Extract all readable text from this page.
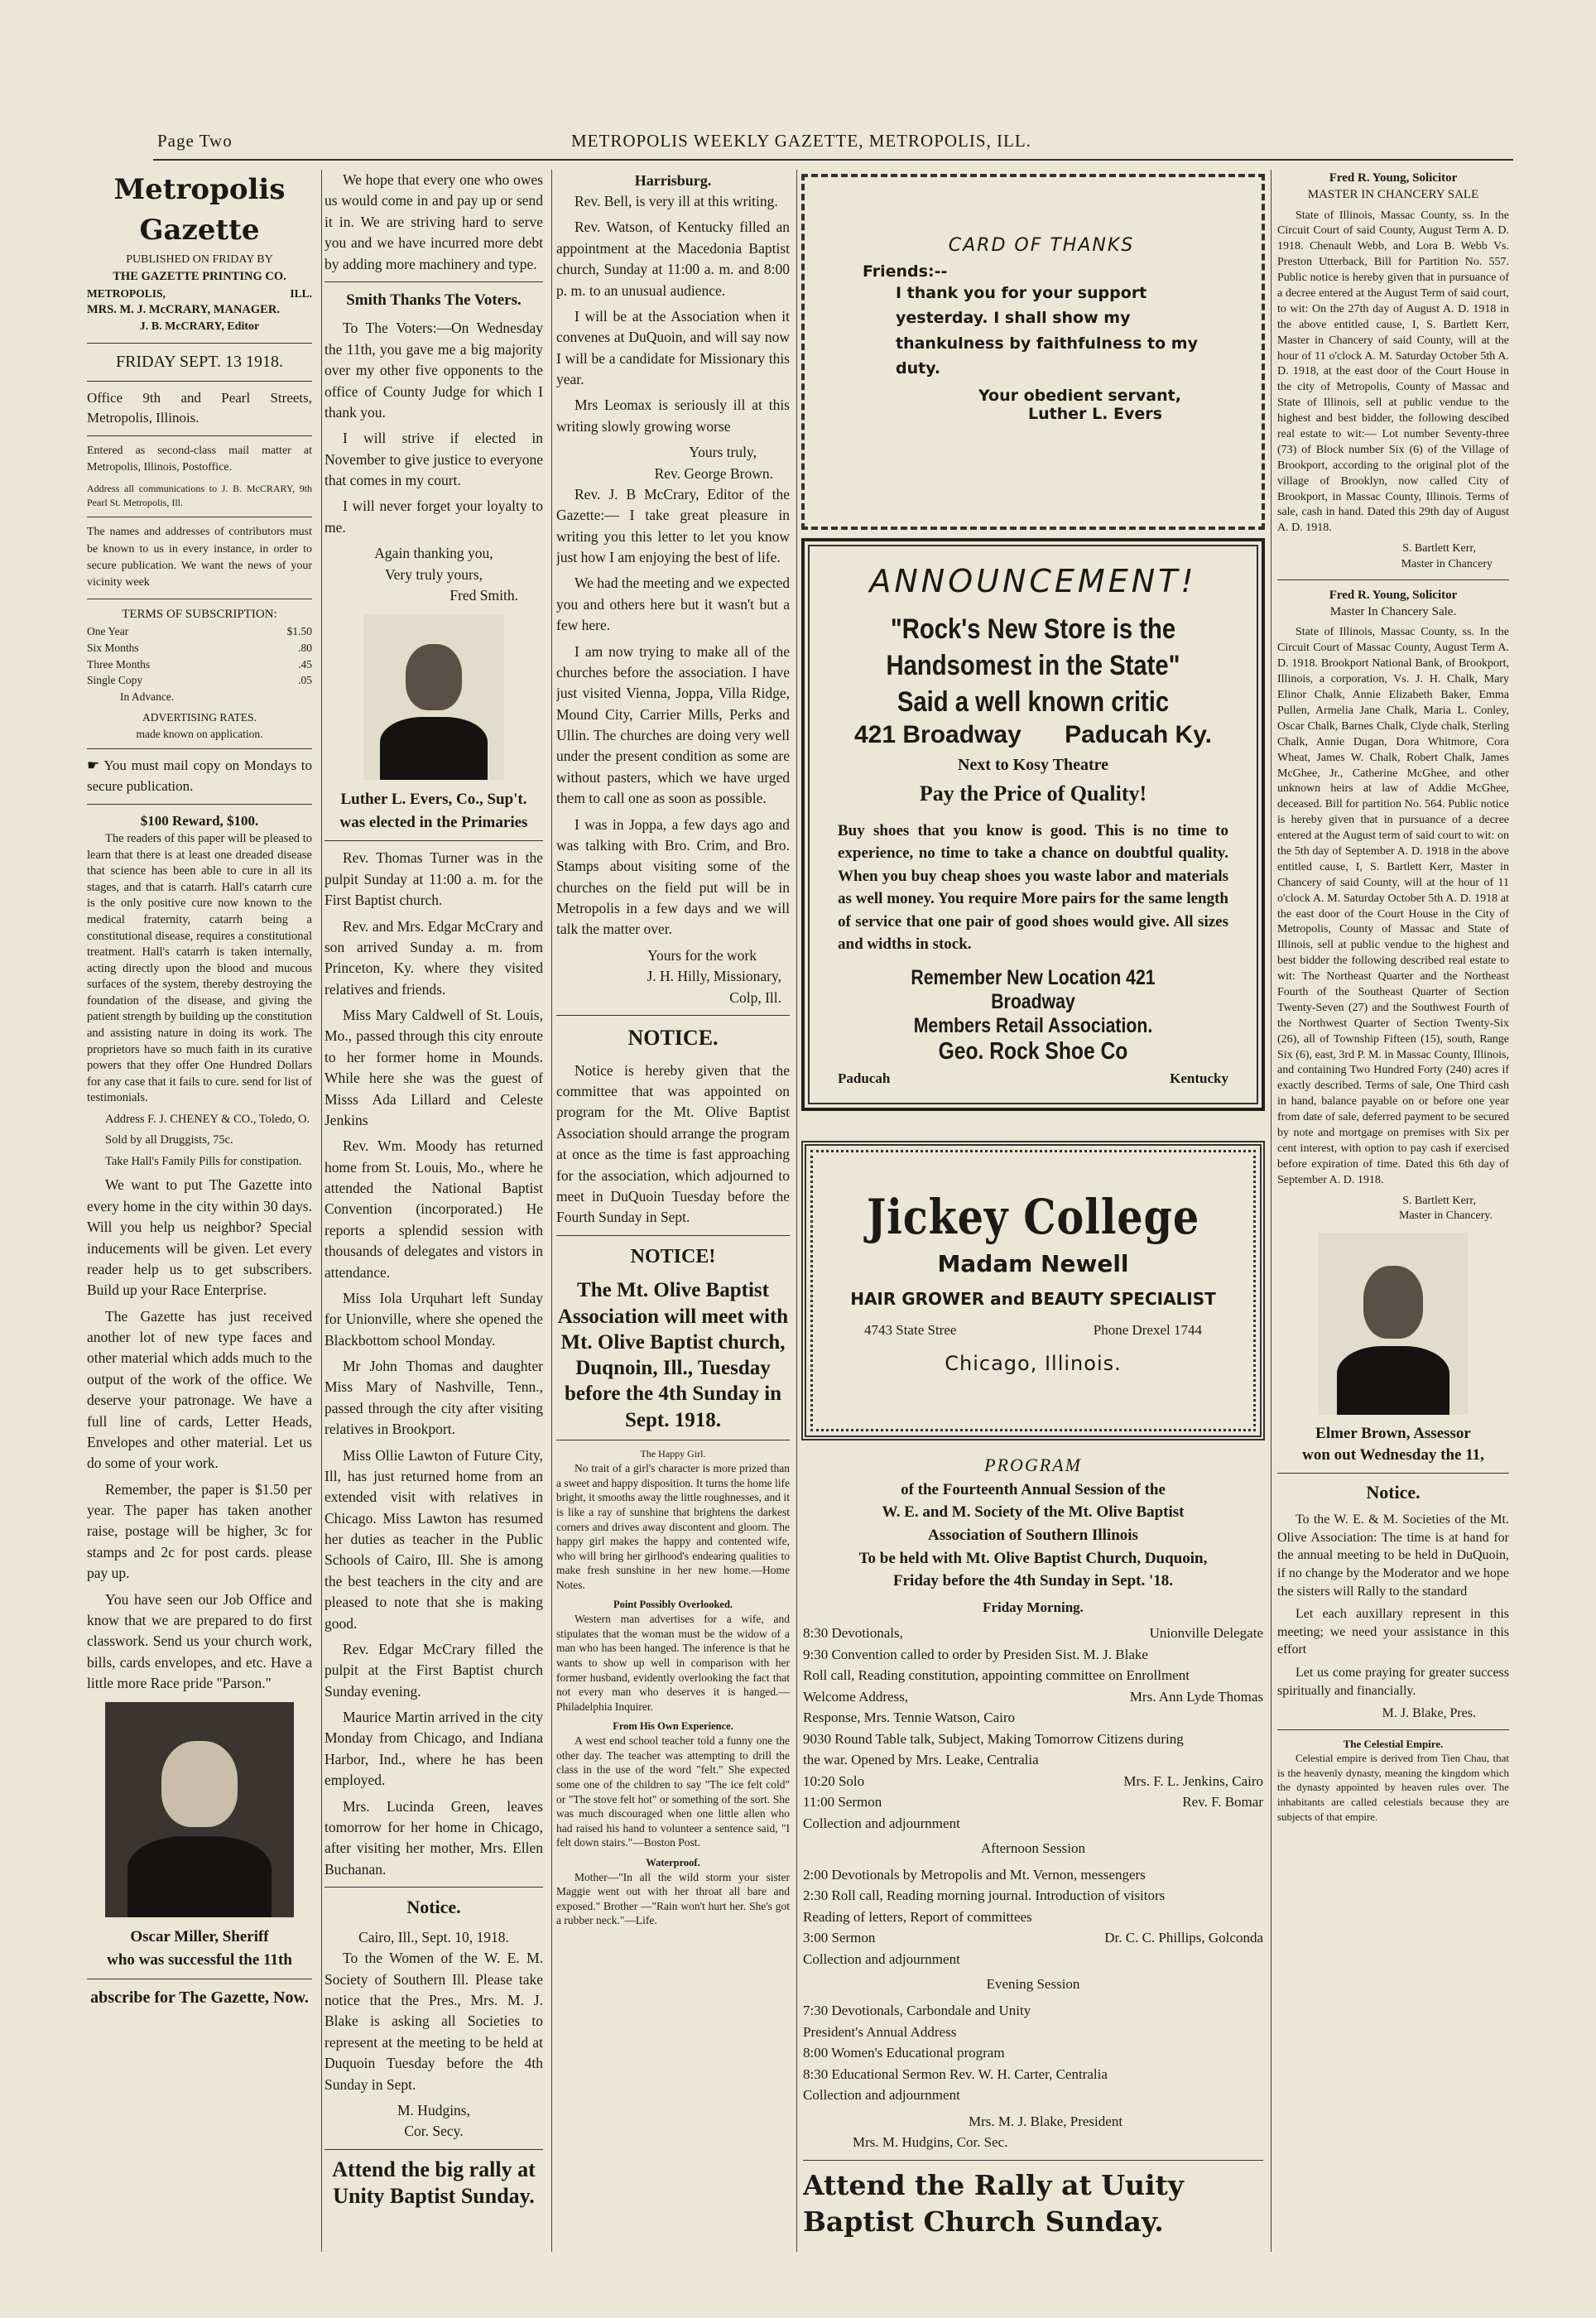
Page Two	METROPOLIS WEEKLY GAZETTE, METROPOLIS, ILL.
Metropolis Gazette
PUBLISHED ON FRIDAY BY
THE GAZETTE PRINTING CO.
METROPOLIS,	ILL.
MRS. M. J. McCRARY, MANAGER.
J. B. McCRARY, Editor
FRIDAY SEPT. 13 1918.
Office 9th and Pearl Streets, Metropolis, Illinois.
Entered as second-class mail matter at Metropolis, Illinois, Postoffice.
Address all communications to J. B. McCRARY, 9th Pearl St. Metropolis, Ill.
The names and addresses of contributors must be known to us in every instance, in order to secure publication. We want the news of your vicinity week
TERMS OF SUBSCRIPTION:
One Year	$1.50
Six Months	.80
Three Months	.45
Single Copy	.05
In Advance.
ADVERTISING RATES.
made known on application.
☛ You must mail copy on Mondays to secure publication.
$100 Reward, $100.

The readers of this paper will be pleased to learn that there is at least one dreaded disease that science has been able to cure in all its stages, and that is catarrh. Hall's catarrh cure is the only positive cure now known to the medical fraternity, catarrh being a constitutional disease, requires a constitutional treatment. Hall's catarrh is taken internally, acting directly upon the blood and mucous surfaces of the system, thereby destroying the foundation of the disease, and giving the patient strength by building up the constitution and assisting nature in doing its work. The proprietors have so much faith in its curative powers that they offer One Hundred Dollars for any case that it fails to cure. send for list of testimonials.

Address F. J. CHENEY & CO., Toledo, O.

Sold by all Druggists, 75c.

Take Hall's Family Pills for constipation.

We want to put The Gazette into every home in the city within 30 days. Will you help us neighbor? Special inducements will be given. Let every reader help us to get subscribers. Build up your Race Enterprise.

The Gazette has just received another lot of new type faces and other material which adds much to the output of the work of the office. We deserve your patronage. We have a full line of cards, Letter Heads, Envelopes and other material. Let us do some of your work.

Remember, the paper is $1.50 per year. The paper has taken another raise, postage will be higher, 3c for stamps and 2c for post cards. please pay up.

You have seen our Job Office and know that we are prepared to do first classwork. Send us your church work, bills, cards envelopes, and etc. Have a little more Race pride "Parson."

Oscar Miller, Sheriff
who was successful the 11th
abscribe for The Gazette, Now.

We hope that every one who owes us would come in and pay up or send it in. We are striving hard to serve you and we have incurred more debt by adding more machinery and type.

Smith Thanks The Voters.

To The Voters:—On Wednesday the 11th, you gave me a big majority over my other five opponents to the office of County Judge for which I thank you.

I will strive if elected in November to give justice to everyone that comes in my court.

I will never forget your loyalty to me.

Again thanking you,
Very truly yours,
Fred Smith.
Luther L. Evers, Co., Sup't.
was elected in the Primaries

Rev. Thomas Turner was in the pulpit Sunday at 11:00 a. m. for the First Baptist church.

Rev. and Mrs. Edgar McCrary and son arrived Sunday a. m. from Princeton, Ky. where they visited relatives and friends.

Miss Mary Caldwell of St. Louis, Mo., passed through this city enroute to her former home in Mounds. While here she was the guest of Misss Ada Lillard and Celeste Jenkins

Rev. Wm. Moody has returned home from St. Louis, Mo., where he attended the National Baptist Convention (incorporated.) He reports a splendid session with thousands of delegates and vistors in attendance.

Miss Iola Urquhart left Sunday for Unionville, where she opened the Blackbottom school Monday.

Mr John Thomas and daughter Miss Mary of Nashville, Tenn., passed through the city after visiting relatives in Brookport.

Miss Ollie Lawton of Future City, Ill, has just returned home from an extended visit with relatives in Chicago. Miss Lawton has resumed her duties as teacher in the Public Schools of Cairo, Ill. She is among the best teachers in the city and are pleased to note that she is making good.

Rev. Edgar McCrary filled the pulpit at the First Baptist church Sunday evening.

Maurice Martin arrived in the city Monday from Chicago, and Indiana Harbor, Ind., where he has been employed.

Mrs. Lucinda Green, leaves tomorrow for her home in Chicago, after visiting her mother, Mrs. Ellen Buchanan.

Notice.
Cairo, Ill., Sept. 10, 1918.

To the Women of the W. E. M. Society of Southern Ill. Please take notice that the Pres., Mrs. M. J. Blake is asking all Societies to represent at the meeting to be held at Duquoin Tuesday before the 4th Sunday in Sept.

M. Hudgins,
Cor. Secy.
Attend the big rally at Unity Baptist Sunday.
Harrisburg.

Rev. Bell, is very ill at this writing.

Rev. Watson, of Kentucky filled an appointment at the Macedonia Baptist church, Sunday at 11:00 a. m. and 8:00 p. m. to an unusual audience.

I will be at the Association when it convenes at DuQuoin, and will say now I will be a candidate for Missionary this year.

Mrs Leomax is seriously ill at this writing slowly growing worse

Yours truly,
Rev. George Brown.

Rev. J. B McCrary, Editor of the Gazette:— I take great pleasure in writing you this letter to let you know just how I am enjoying the best of life.

We had the meeting and we expected you and others here but it wasn't but a few here.

I am now trying to make all of the churches before the association. I have just visited Vienna, Joppa, Villa Ridge, Mound City, Carrier Mills, Perks and Ullin. The churches are doing very well under the present condition as some are without pasters, which we have urged them to call one as soon as possible.

I was in Joppa, a few days ago and was talking with Bro. Crim, and Bro. Stamps about visiting some of the churches on the field put will be in Metropolis in a few days and we will talk the matter over.

Yours for the work
J. H. Hilly, Missionary,
Colp, Ill.
NOTICE.

Notice is hereby given that the committee that was appointed on program for the Mt. Olive Baptist Association should arrange the program at once as the time is fast approaching for the association, which adjourned to meet in DuQuoin Tuesday before the Fourth Sunday in Sept.

NOTICE!
The Mt. Olive Baptist Association will meet with Mt. Olive Baptist church, Duqnoin, Ill., Tuesday before the 4th Sunday in Sept. 1918.
The Happy Girl.

No trait of a girl's character is more prized than a sweet and happy disposition. It turns the home life bright, it smooths away the little roughnesses, and it is like a ray of sunshine that brightens the darkest corners and drives away discontent and gloom. The happy girl makes the happy and contented wife, who will bring her girlhood's endearing qualities to make fresh sunshine in her new home.—Home Notes.

Point Possibly Overlooked.

Western man advertises for a wife, and stipulates that the woman must be the widow of a man who has been hanged. The inference is that he wants to show up well in comparison with her former husband, evidently overlooking the fact that not every man who deserves it is hanged.—Philadelphia Inquirer.

From His Own Experience.

A west end school teacher told a funny one the other day. The teacher was attempting to drill the class in the use of the word "felt." She expected some one of the children to say "The ice felt cold" or "The stove felt hot" or something of the sort. She was much discouraged when one little allen who had raised his hand to volunteer a sentence said, "I felt down stairs."—Boston Post.

Waterproof.

Mother—"In all the wild storm your sister Maggie went out with her throat all bare and exposed." Brother —"Rain won't hurt her. She's got a rubber neck."—Life.

CARD OF THANKS
Friends:--
I thank you for your support yesterday. I shall show my thankulness by faithfulness to my duty.
Your obedient servant,
Luther L. Evers
ANNOUNCEMENT!
"Rock's New Store is the Handsomest in the State" Said a well known critic
421 Broadway Paducah Ky.
Next to Kosy Theatre
Pay the Price of Quality!
Buy shoes that you know is good. This is no time to experience, no time to take a chance on doubtful quality. When you buy cheap shoes you waste labor and materials as well money. You require More pairs for the same length of service that one pair of good shoes would give. All sizes and widths in stock.
Remember New Location 421 Broadway
Members Retail Association.
Geo. Rock Shoe Co
Paducah	Kentucky
Jickey College
Madam Newell
HAIR GROWER and BEAUTY SPECIALIST
4743 State Stree	Phone Drexel 1744
Chicago, Illinois.
PROGRAM
of the Fourteenth Annual Session of the
W. E. and M. Society of the Mt. Olive Baptist
Association of Southern Illinois
To be held with Mt. Olive Baptist Church, Duquoin,
Friday before the 4th Sunday in Sept. '18.
Friday Morning.
8:30 Devotionals,	Unionville Delegate
9:30 Convention called to order by Presiden Sist. M. J. Blake
Roll call, Reading constitution, appointing committee on Enrollment
Welcome Address,	Mrs. Ann Lyde Thomas
Response, Mrs. Tennie Watson, Cairo
9030 Round Table talk, Subject, Making Tomorrow Citizens during
the war. Opened by Mrs. Leake, Centralia
10:20 Solo	Mrs. F. L. Jenkins, Cairo
11:00 Sermon	Rev. F. Bomar
Collection and adjournment
Afternoon Session
2:00 Devotionals by Metropolis and Mt. Vernon, messengers
2:30 Roll call, Reading morning journal. Introduction of visitors
Reading of letters, Report of committees
3:00 Sermon	Dr. C. C. Phillips, Golconda
Collection and adjournment
Evening Session
7:30 Devotionals, Carbondale and Unity
President's Annual Address
8:00 Women's Educational program
8:30 Educational Sermon Rev. W. H. Carter, Centralia
Collection and adjournment
Mrs. M. J. Blake, President
Mrs. M. Hudgins, Cor. Sec.
Attend the Rally at Uuity Baptist Church Sunday.
Fred R. Young, Solicitor
MASTER IN CHANCERY SALE

State of Illinois, Massac County, ss. In the Circuit Court of said County, August Term A. D. 1918. Chenault Webb, and Lora B. Webb Vs. Preston Utterback, Bill for Partition No. 557. Public notice is hereby given that in pursuance of a decree entered at the August Term of said court, to wit: On the 27th day of August A. D. 1918 in the above entitled cause, I, S. Bartlett Kerr, Master in Chancery of said County, will at the hour of 11 o'clock A. M. Saturday October 5th A. D. 1918, at the east door of the Court House in the city of Metropolis, County of Massac and State of Illinois, sell at public vendue to the highest and best bidder, the following descibed real estate to wit:— Lot number Seventy-three (73) of Block number Six (6) of the Village of Brookport, according to the original plot of the village of Brooklyn, now called City of Brookport, in Massac County, Illinois. Terms of sale, cash in hand. Dated this 29th day of August A. D. 1918.

S. Bartlett Kerr,
Master in Chancery
Fred R. Young, Solicitor
Master In Chancery Sale.

State of Illinois, Massac County, ss. In the Circuit Court of Massac County, August Term A. D. 1918. Brookport National Bank, of Brookport, Illinois, a corporation, Vs. J. H. Chalk, Mary Elinor Chalk, Annie Elizabeth Baker, Emma Pullen, Armelia Jane Chalk, Maria L. Conley, Oscar Chalk, Barnes Chalk, Clyde chalk, Sterling Chalk, Annie Dugan, Dora Whitmore, Cora Wheat, James W. Chalk, Robert Chalk, James McGhee, Jr., Catherine McGhee, and other unknown heirs at law of Addie McGhee, deceased. Bill for partition No. 564. Public notice is hereby given that in pursuance of a decree entered at the August term of said court to wit: on the 5th day of September A. D. 1918 in the above entitled cause, I, S. Bartlett Kerr, Master in Chancery of said County, will at the hour of 11 o'clock A. M. Saturday October 5th A. D. 1918 at the east door of the Court House in the City of Metropolis, County of Massac and State of Illinois, sell at public vendue to the highest and best bidder the following described real estate to wit: The Northeast Quarter and the Northeast Fourth of the Southeast Quarter of Section Twenty-Seven (27) and the Southwest Fourth of the Northwest Quarter of Section Twenty-Six (26), all of Township Fifteen (15), south, Range Six (6), east, 3rd P. M. in Massac County, Illinois, and containing Two Hundred Forty (240) acres if exactly described. Terms of sale, One Third cash in hand, balance payable on or before one year from date of sale, deferred payment to be secured by note and mortgage on premises with Six per cent interest, with option to pay cash if exercised before expiration of time. Dated this 6th day of September A. D. 1918.

S. Bartlett Kerr,
Master in Chancery.
Elmer Brown, Assessor
won out Wednesday the 11,
Notice.

To the W. E. & M. Societies of the Mt. Olive Association: The time is at hand for the annual meeting to be held in DuQuoin, if no change by the Moderator and we hope the sisters will Rally to the standard

Let each auxillary represent in this meeting; we need your assistance in this effort

Let us come praying for greater success spiritually and financially.

M. J. Blake, Pres.
The Celestial Empire.

Celestial empire is derived from Tien Chau, that is the heavenly dynasty, meaning the kingdom which the dynasty appointed by heaven rules over. The inhabitants are called celestials because they are subjects of that empire.
